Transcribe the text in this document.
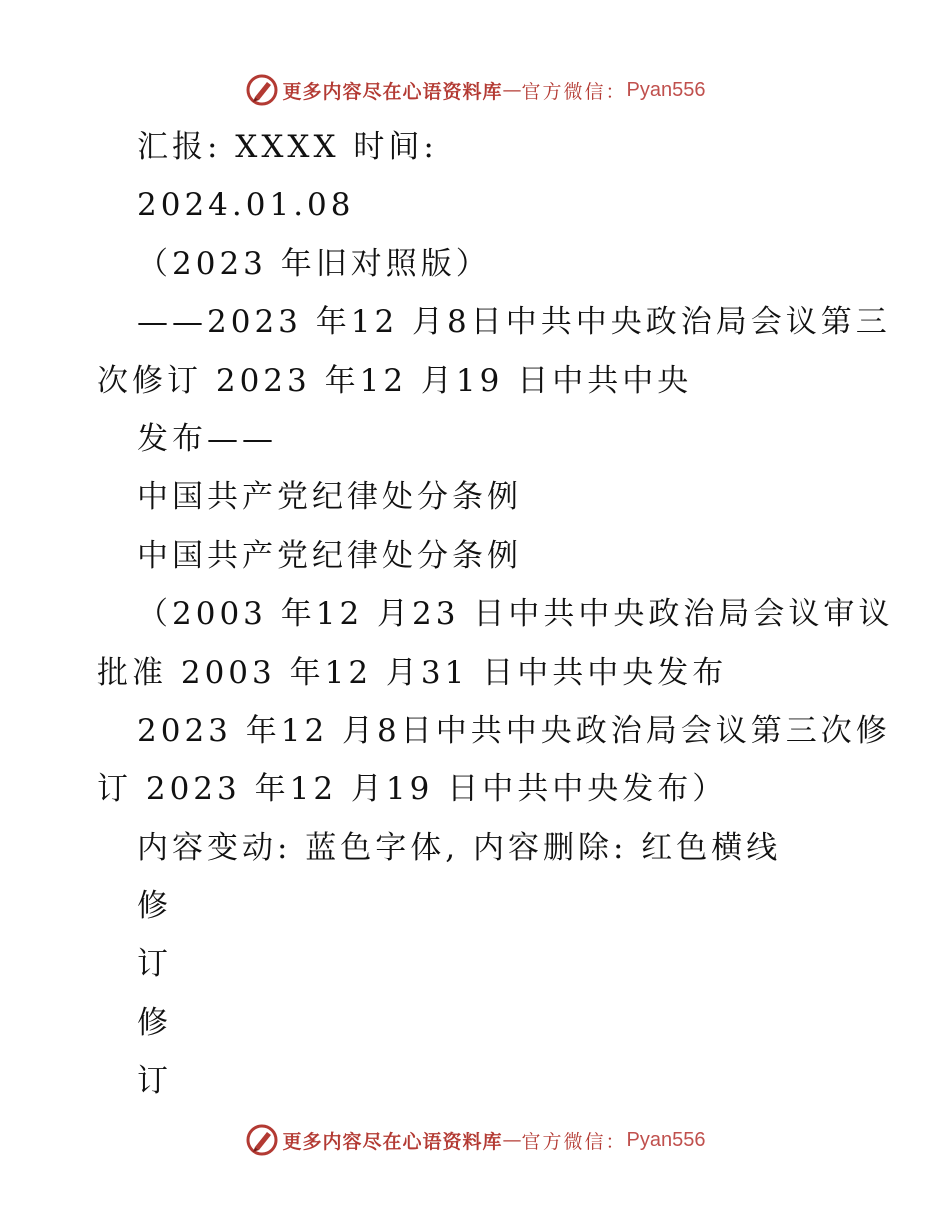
更多内容尽在心语资料库 — 官方微信： Pyan556
汇报: XXXX 时间:
2024.01.08
（2023 年旧对照版）
——2023 年12 月8日中共中央政治局会议第三
次修订 2023 年12 月19 日中共中央
发布——
中国共产党纪律处分条例
中国共产党纪律处分条例
（2003 年12 月23 日中共中央政治局会议审议
批准 2003 年12 月31 日中共中央发布
2023 年12 月8日中共中央政治局会议第三次修
订 2023 年12 月19 日中共中央发布）
内容变动: 蓝色字体, 内容删除: 红色横线
修
订
修
订
更多内容尽在心语资料库 — 官方微信： Pyan556
